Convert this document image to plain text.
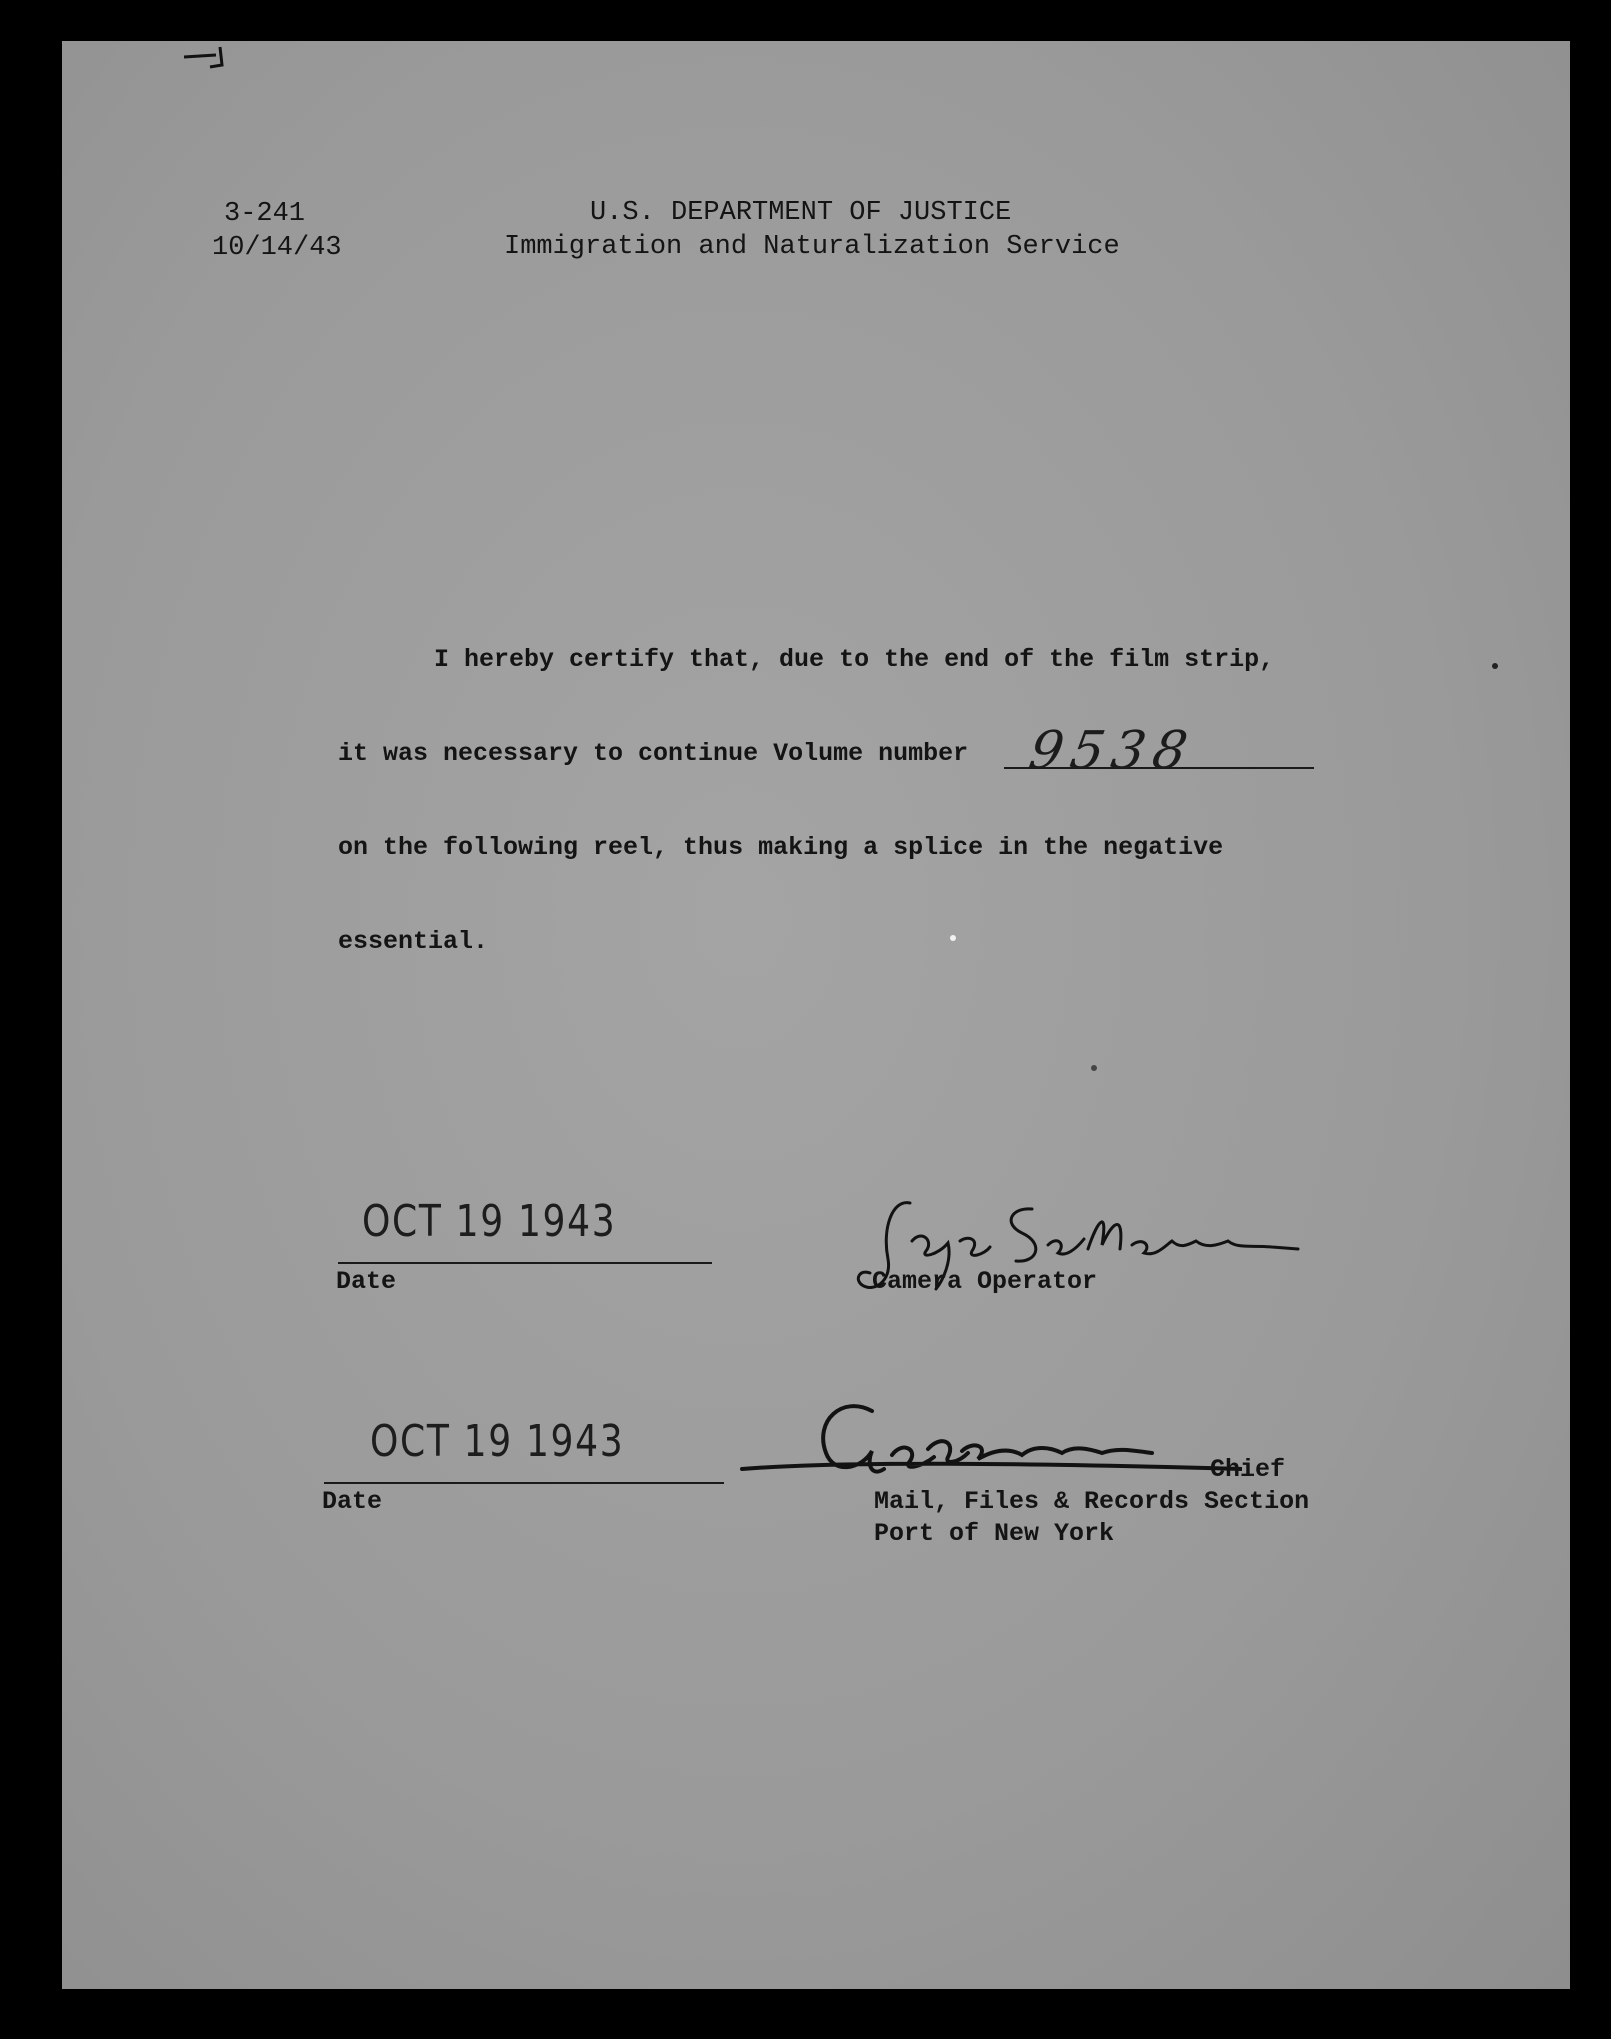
3-241
10/14/43
U.S. DEPARTMENT OF JUSTICE
Immigration and Naturalization Service
I hereby certify that, due to the end of the film strip,
it was necessary to continue Volume number 9538
on the following reel, thus making a splice in the negative
essential.
OCT 19 1943
Date	Camera Operator
OCT 19 1943
Date
Chief
Mail, Files & Records Section
Port of New York
